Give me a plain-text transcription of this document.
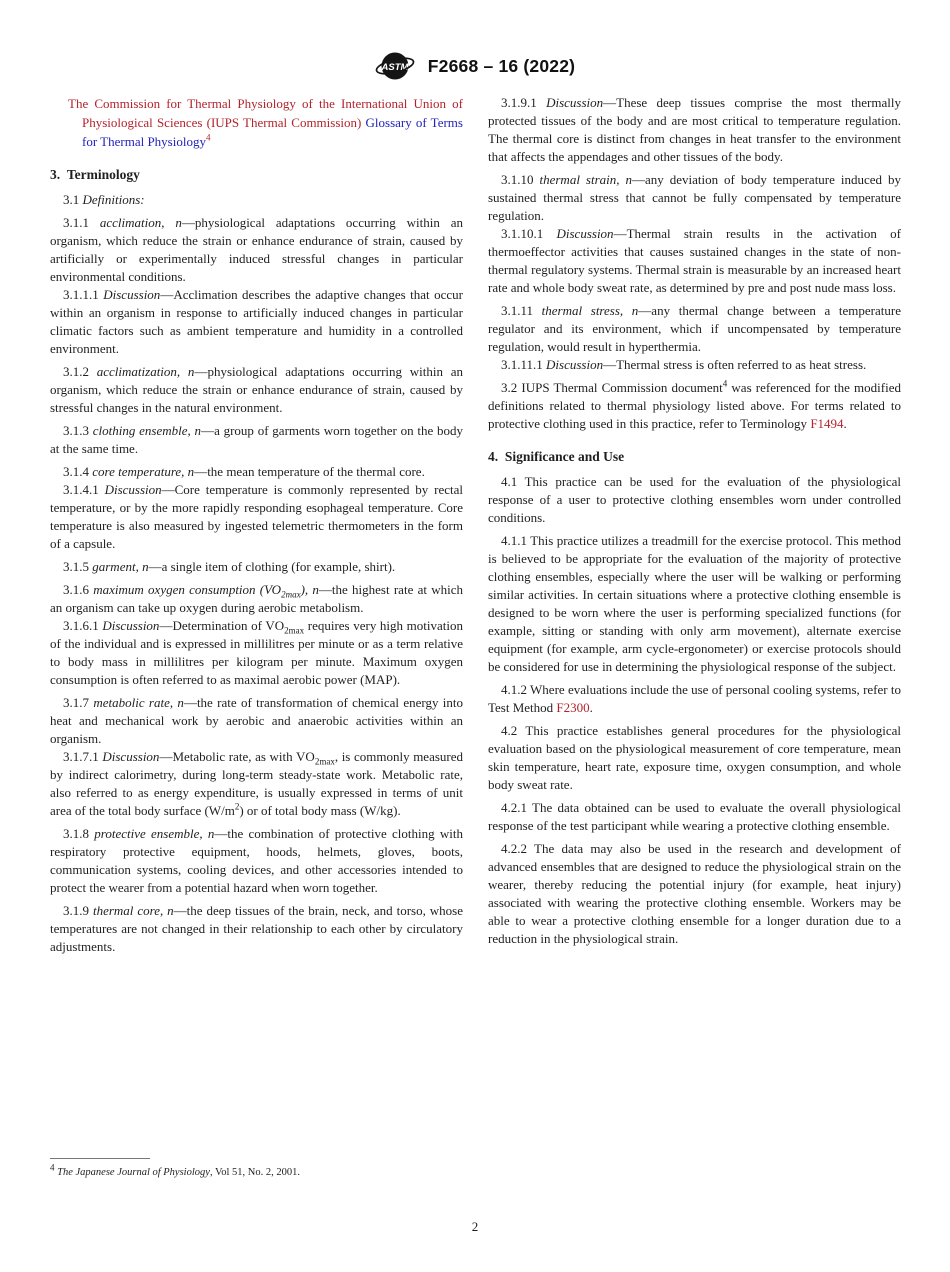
ASTM F2668 – 16 (2022)
The Commission for Thermal Physiology of the International Union of Physiological Sciences (IUPS Thermal Commission) Glossary of Terms for Thermal Physiology$^4$
3. Terminology
3.1 Definitions:
3.1.1 acclimation, n—physiological adaptations occurring within an organism, which reduce the strain or enhance endurance of strain, caused by artificially or experimentally induced stressful changes in particular environmental conditions.
3.1.1.1 Discussion—Acclimation describes the adaptive changes that occur within an organism in response to artificially induced changes in particular climatic factors such as ambient temperature and humidity in a controlled environment.
3.1.2 acclimatization, n—physiological adaptations occurring within an organism, which reduce the strain or enhance endurance of strain, caused by stressful changes in the natural environment.
3.1.3 clothing ensemble, n—a group of garments worn together on the body at the same time.
3.1.4 core temperature, n—the mean temperature of the thermal core.
3.1.4.1 Discussion—Core temperature is commonly represented by rectal temperature, or by the more rapidly responding esophageal temperature. Core temperature is also measured by ingested telemetric thermometers in the form of a capsule.
3.1.5 garment, n—a single item of clothing (for example, shirt).
3.1.6 maximum oxygen consumption $(VO_{2max})$, n—the highest rate at which an organism can take up oxygen during aerobic metabolism.
3.1.6.1 Discussion—Determination of $VO_{2max}$ requires very high motivation of the individual and is expressed in millilitres per minute or as a term relative to body mass in millilitres per kilogram per minute. Maximum oxygen consumption is often referred to as maximal aerobic power (MAP).
3.1.7 metabolic rate, n—the rate of transformation of chemical energy into heat and mechanical work by aerobic and anaerobic activities within an organism.
3.1.7.1 Discussion—Metabolic rate, as with $VO_{2max}$, is commonly measured by indirect calorimetry, during long-term steady-state work. Metabolic rate, also referred to as energy expenditure, is usually expressed in terms of unit area of the total body surface $(W/m^2)$ or of total body mass (W/kg).
3.1.8 protective ensemble, n—the combination of protective clothing with respiratory protective equipment, hoods, helmets, gloves, boots, communication systems, cooling devices, and other accessories intended to protect the wearer from a potential hazard when worn together.
3.1.9 thermal core, n—the deep tissues of the brain, neck, and torso, whose temperatures are not changed in their relationship to each other by circulatory adjustments.
3.1.9.1 Discussion—These deep tissues comprise the most thermally protected tissues of the body and are most critical to temperature regulation. The thermal core is distinct from changes in heat transfer to the environment that affects the appendages and other tissues of the body.
3.1.10 thermal strain, n—any deviation of body temperature induced by sustained thermal stress that cannot be fully compensated by temperature regulation.
3.1.10.1 Discussion—Thermal strain results in the activation of thermoeffector activities that causes sustained changes in the state of non-thermal regulatory systems. Thermal strain is measurable by an increased heart rate and whole body sweat rate, as determined by pre and post nude mass loss.
3.1.11 thermal stress, n—any thermal change between a temperature regulator and its environment, which if uncompensated by temperature regulation, would result in hyperthermia.
3.1.11.1 Discussion—Thermal stress is often referred to as heat stress.
3.2 IUPS Thermal Commission document$^4$ was referenced for the modified definitions related to thermal physiology listed above. For terms related to protective clothing used in this practice, refer to Terminology F1494.
4. Significance and Use
4.1 This practice can be used for the evaluation of the physiological response of a user to protective clothing ensembles worn under controlled conditions.
4.1.1 This practice utilizes a treadmill for the exercise protocol. This method is believed to be appropriate for the evaluation of the majority of protective clothing ensembles, especially where the user will be walking or performing similar activities. In certain situations where a protective clothing ensemble is designed to be worn where the user is performing specialized functions (for example, sitting or standing with only arm movement), alternate exercise equipment (for example, arm cycle-ergonometer) or exercise protocols should be considered for use in determining the physiological response of the subject.
4.1.2 Where evaluations include the use of personal cooling systems, refer to Test Method F2300.
4.2 This practice establishes general procedures for the physiological evaluation based on the physiological measurement of core temperature, mean skin temperature, heart rate, exposure time, oxygen consumption, and whole body sweat rate.
4.2.1 The data obtained can be used to evaluate the overall physiological response of the test participant while wearing a protective clothing ensemble.
4.2.2 The data may also be used in the research and development of advanced ensembles that are designed to reduce the physiological strain on the wearer, thereby reducing the potential injury (for example, heat injury) associated with wearing the protective clothing ensemble. Workers may be able to wear a protective clothing ensemble for a longer duration due to a reduction in the physiological strain.
$^4$ The Japanese Journal of Physiology, Vol 51, No. 2, 2001.
2
